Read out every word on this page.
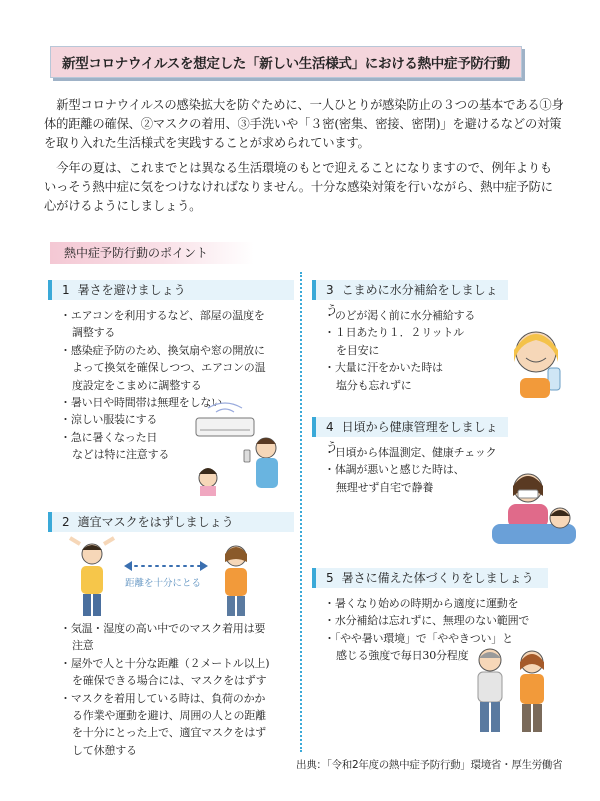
新型コロナウイルスを想定した「新しい生活様式」における熱中症予防行動

新型コロナウイルスの感染拡大を防ぐために、一人ひとりが感染防止の３つの基本である①身体的距離の確保、②マスクの着用、③手洗いや「３密(密集、密接、密閉)」を避けるなどの対策を取り入れた生活様式を実践することが求められています。

今年の夏は、これまでとは異なる生活環境のもとで迎えることになりますので、例年よりもいっそう熱中症に気をつけなければなりません。十分な感染対策を行いながら、熱中症予防に心がけるようにしましょう。

熱中症予防行動のポイント
1 暑さを避けましょう
・ エアコンを利用するなど、部屋の温度を
調整する
・ 感染症予防のため、換気扇や窓の開放に
よって換気を確保しつつ、エアコンの温
度設定をこまめに調整する
・ 暑い日や時間帯は無理をしない
・ 涼しい服装にする
・ 急に暑くなった日
などは特に注意する
2 適宜マスクをはずしましょう
・ 気温・湿度の高い中でのマスク着用は要
注意
・ 屋外で人と十分な距離（２メートル以上)
を確保できる場合には、マスクをはずす
・ マスクを着用している時は、負荷のかか
る作業や運動を避け、周囲の人との距離
を十分にとった上で、適宜マスクをはず
して休憩する
距離を十分にとる
3 こまめに水分補給をしましょう
・ のどが渇く前に水分補給する
・ １日あたり１．２リットル
を目安に
・ 大量に汗をかいた時は
塩分も忘れずに
4 日頃から健康管理をしましょう
・ 日頃から体温測定、健康チェック
・ 体調が悪いと感じた時は、
無理せず自宅で静養
5 暑さに備えた体づくりをしましょう
・ 暑くなり始めの時期から適度に運動を
・ 水分補給は忘れずに、無理のない範囲で
・ 「やや暑い環境」で「ややきつい」と
感じる強度で毎日30分程度
出典：「令和2年度の熱中症予防行動」環境省・厚生労働省
